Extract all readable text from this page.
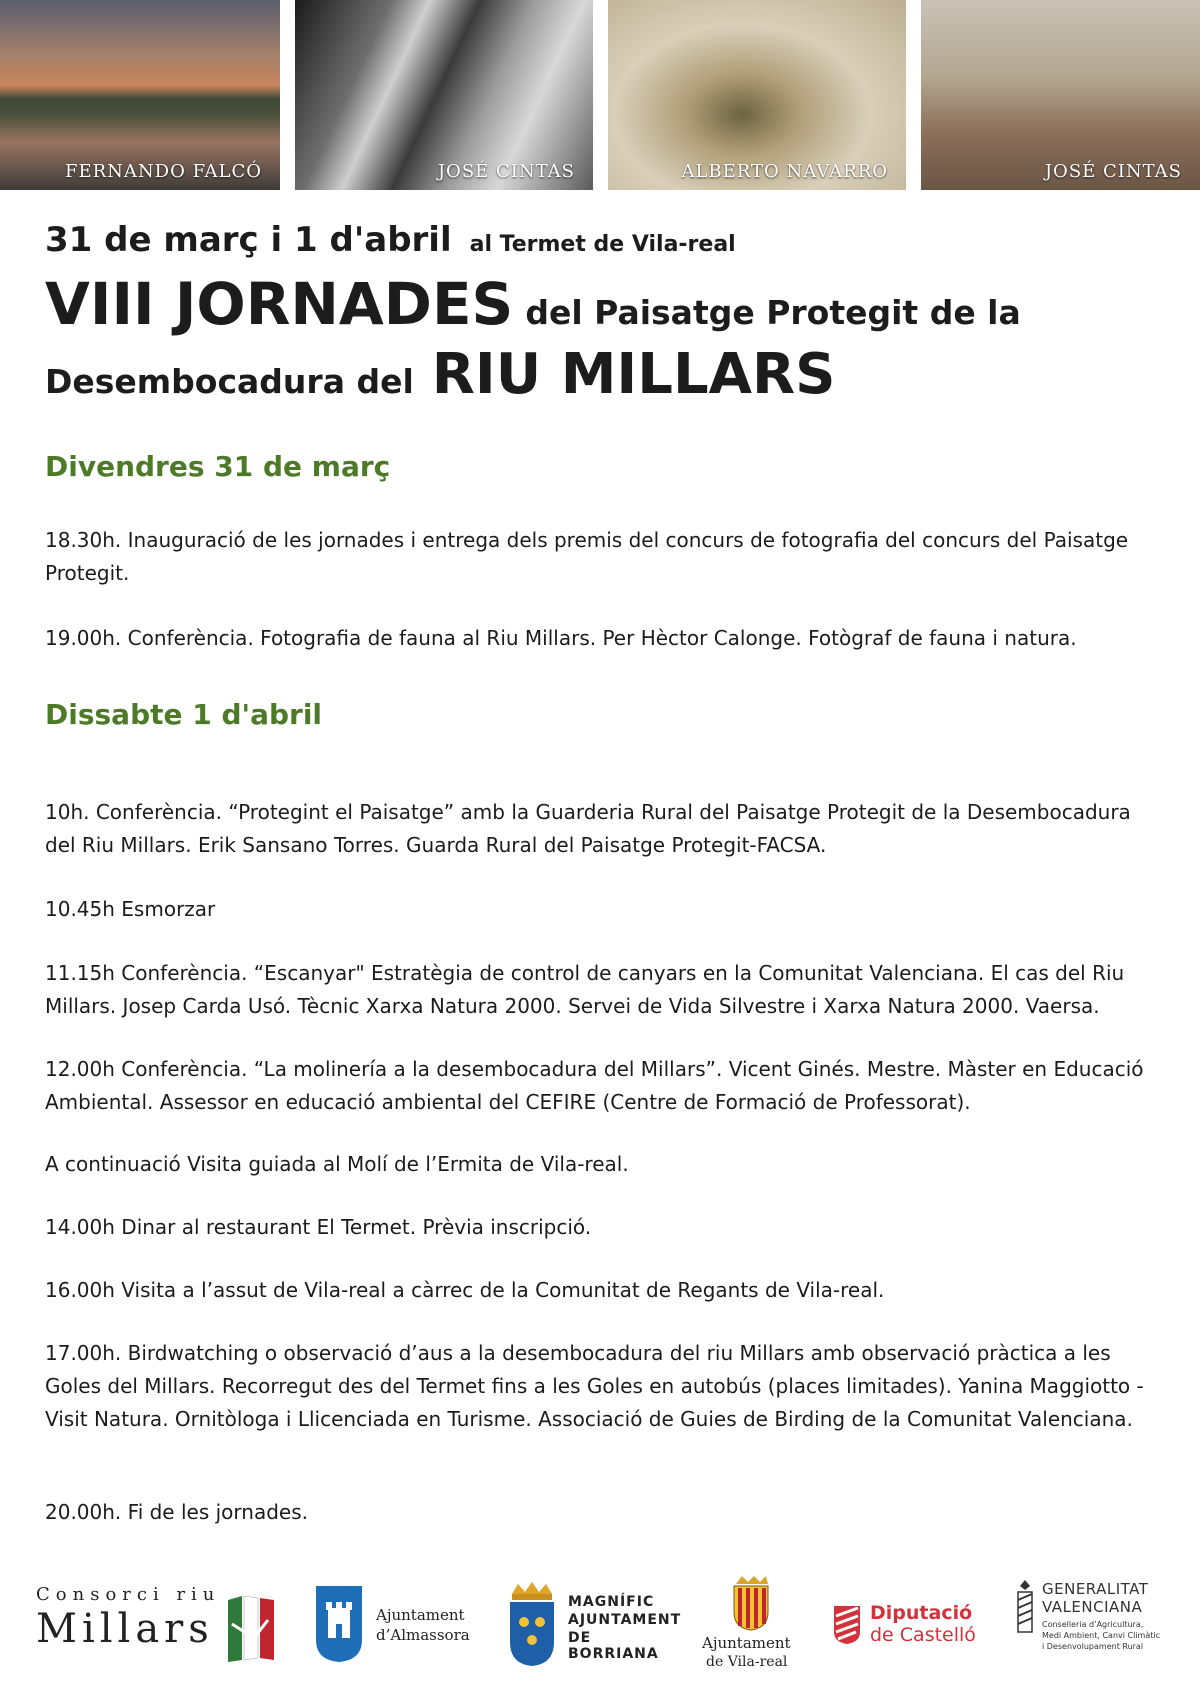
FERNANDO FALCÓ	JOSÉ CINTAS	ALBERTO NAVARRO	JOSÉ CINTAS
31 de març i 1 d'abril al Termet de Vila-real
VIII JORNADES del Paisatge Protegit de la
Desembocadura del RIU MILLARS
Divendres 31 de març
18.30h. Inauguració de les jornades i entrega dels premis del concurs de fotografia del concurs del Paisatge Protegit.
19.00h. Conferència. Fotografia de fauna al Riu Millars. Per Hèctor Calonge. Fotògraf de fauna i natura.
Dissabte 1 d'abril
10h. Conferència. “Protegint el Paisatge” amb la Guarderia Rural del Paisatge Protegit de la Desembocadura del Riu Millars. Erik Sansano Torres. Guarda Rural del Paisatge Protegit-FACSA.
10.45h Esmorzar
11.15h Conferència. “Escanyar" Estratègia de control de canyars en la Comunitat Valenciana. El cas del Riu Millars. Josep Carda Usó. Tècnic Xarxa Natura 2000. Servei de Vida Silvestre i Xarxa Natura 2000. Vaersa.
12.00h Conferència. “La molinería a la desembocadura del Millars”. Vicent Ginés. Mestre. Màster en Educació Ambiental. Assessor en educació ambiental del CEFIRE (Centre de Formació de Professorat).
A continuació Visita guiada al Molí de l’Ermita de Vila-real.
14.00h Dinar al restaurant El Termet. Prèvia inscripció.
16.00h Visita a l’assut de Vila-real a càrrec de la Comunitat de Regants de Vila-real.
17.00h. Birdwatching o observació d’aus a la desembocadura del riu Millars amb observació pràctica a les Goles del Millars. Recorregut des del Termet fins a les Goles en autobús (places limitades). Yanina Maggiotto - Visit Natura. Ornitòloga i Llicenciada en Turisme. Associació de Guies de Birding de la Comunitat Valenciana.
20.00h. Fi de les jornades.
Consorci riu
Millars	Ajuntament
d’Almassora
MAGNÍFIC
AJUNTAMENT
DE BORRIANA
Ajuntament
de Vila-real
Diputació
de Castelló
GENERALITAT
VALENCIANA
Conselleria d’Agricultura,
Medi Ambient, Canvi Climàtic
i Desenvolupament Rural
